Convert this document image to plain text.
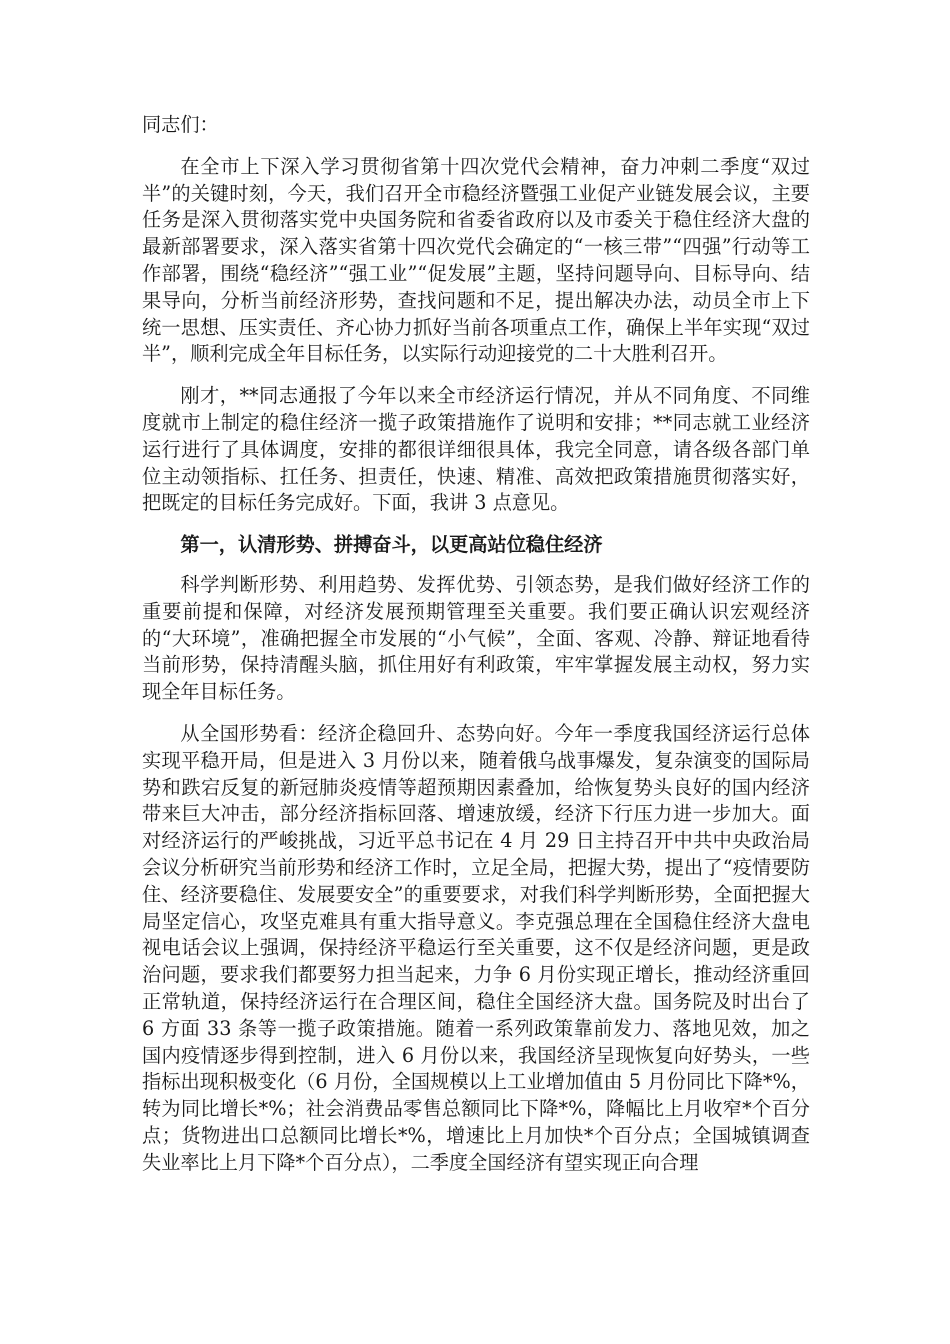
同志们：

在全市上下深入学习贯彻省第十四次党代会精神，奋力冲刺二季度“双过半”的关键时刻，今天，我们召开全市稳经济暨强工业促产业链发展会议，主要任务是深入贯彻落实党中央国务院和省委省政府以及市委关于稳住经济大盘的最新部署要求，深入落实省第十四次党代会确定的“一核三带”“四强”行动等工作部署，围绕“稳经济”“强工业”“促发展”主题，坚持问题导向、目标导向、结果导向，分析当前经济形势，查找问题和不足，提出解决办法，动员全市上下统一思想、压实责任、齐心协力抓好当前各项重点工作，确保上半年实现“双过半”，顺利完成全年目标任务，以实际行动迎接党的二十大胜利召开。

刚才，**同志通报了今年以来全市经济运行情况，并从不同角度、不同维度就市上制定的稳住经济一揽子政策措施作了说明和安排；**同志就工业经济运行进行了具体调度，安排的都很详细很具体，我完全同意，请各级各部门单位主动领指标、扛任务、担责任，快速、精准、高效把政策措施贯彻落实好，把既定的目标任务完成好。下面，我讲 3 点意见。

第一，认清形势、拼搏奋斗，以更高站位稳住经济

科学判断形势、利用趋势、发挥优势、引领态势，是我们做好经济工作的重要前提和保障，对经济发展预期管理至关重要。我们要正确认识宏观经济的“大环境”，准确把握全市发展的“小气候”，全面、客观、冷静、辩证地看待当前形势，保持清醒头脑，抓住用好有利政策，牢牢掌握发展主动权，努力实现全年目标任务。

从全国形势看：经济企稳回升、态势向好。今年一季度我国经济运行总体实现平稳开局，但是进入 3 月份以来，随着俄乌战事爆发，复杂演变的国际局势和跌宕反复的新冠肺炎疫情等超预期因素叠加，给恢复势头良好的国内经济带来巨大冲击，部分经济指标回落、增速放缓，经济下行压力进一步加大。面对经济运行的严峻挑战，习近平总书记在 4 月 29 日主持召开中共中央政治局会议分析研究当前形势和经济工作时，立足全局，把握大势，提出了“疫情要防住、经济要稳住、发展要安全”的重要要求，对我们科学判断形势，全面把握大局坚定信心，攻坚克难具有重大指导意义。李克强总理在全国稳住经济大盘电视电话会议上强调，保持经济平稳运行至关重要，这不仅是经济问题，更是政治问题，要求我们都要努力担当起来，力争 6 月份实现正增长，推动经济重回正常轨道，保持经济运行在合理区间，稳住全国经济大盘。国务院及时出台了 6 方面 33 条等一揽子政策措施。随着一系列政策靠前发力、落地见效，加之国内疫情逐步得到控制，进入 6 月份以来，我国经济呈现恢复向好势头，一些指标出现积极变化（6 月份，全国规模以上工业增加值由 5 月份同比下降*%，转为同比增长*%；社会消费品零售总额同比下降*%，降幅比上月收窄*个百分点；货物进出口总额同比增长*%，增速比上月加快*个百分点；全国城镇调查失业率比上月下降*个百分点），二季度全国经济有望实现正向合理
